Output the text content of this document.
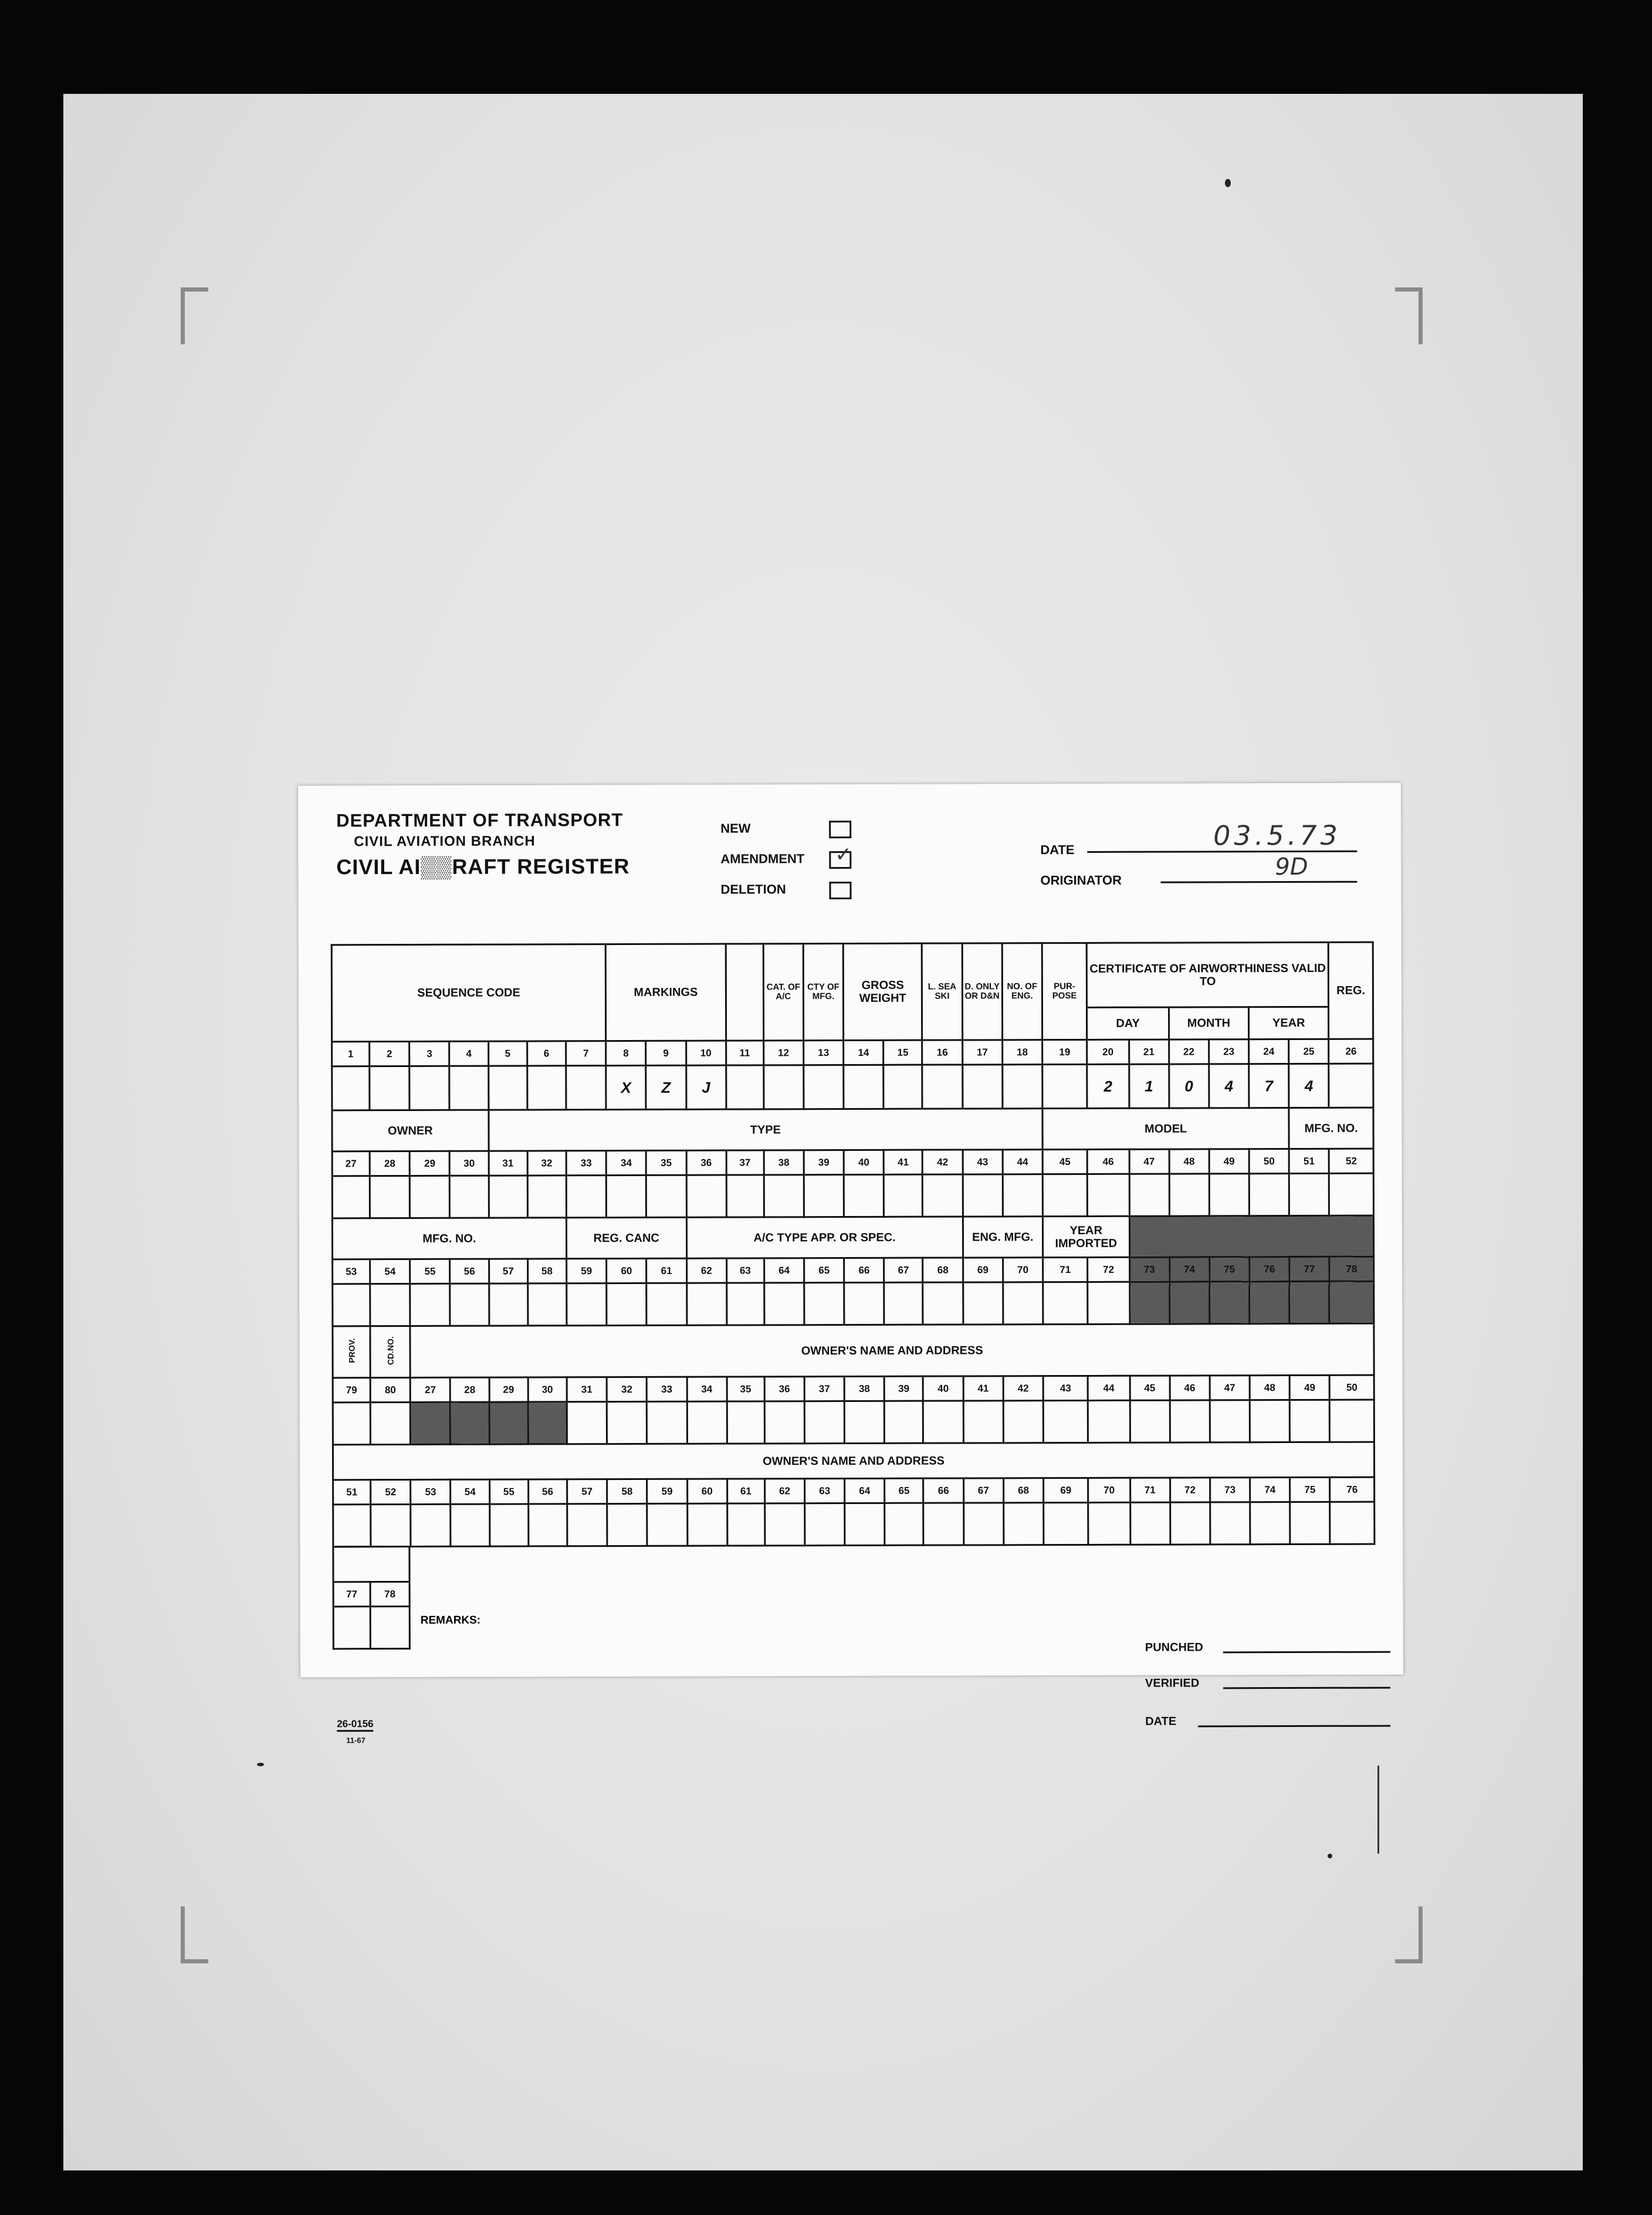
DEPARTMENT OF TRANSPORT
CIVIL AVIATION BRANCH
CIVIL AI▒▒RAFT REGISTER
NEW
AMENDMENT ✓
DELETION
DATE	03.5.73
ORIGINATOR	9D
SEQUENCE CODE							MARKINGS				CAT. OF A/C	CTY OF MFG.	GROSS WEIGHT		L. SEA SKI	D. ONLY OR D&N	NO. OF ENG.	PUR-POSE	CERTIFICATE OF AIRWORTHINESS VALID TO						REG.
																			DAY		MONTH		YEAR		
1	2	3	4	5	6	7	8	9	10	11	12	13	14	15	16	17	18	19	20	21	22	23	24	25	26
							X	Z	J										2	1	0	4	7	4	
OWNER				TYPE														MODEL						MFG. NO.	
27	28	29	30	31	32	33	34	35	36	37	38	39	40	41	42	43	44	45	46	47	48	49	50	51	52

MFG. NO.						REG. CANC			A/C TYPE APP. OR SPEC.							ENG. MFG.		YEAR IMPORTED							
53	54	55	56	57	58	59	60	61	62	63	64	65	66	67	68	69	70	71	72	73	74	75	76	77	78

PROV.	CD.NO.	OWNER'S NAME AND ADDRESS																							
79	80	27	28	29	30	31	32	33	34	35	36	37	38	39	40	41	42	43	44	45	46	47	48	49	50

OWNER'S NAME AND ADDRESS																									
51	52	53	54	55	56	57	58	59	60	61	62	63	64	65	66	67	68	69	70	71	72	73	74	75	76

77	78

REMARKS:
PUNCHED
VERIFIED
DATE
26-0156
11-67
